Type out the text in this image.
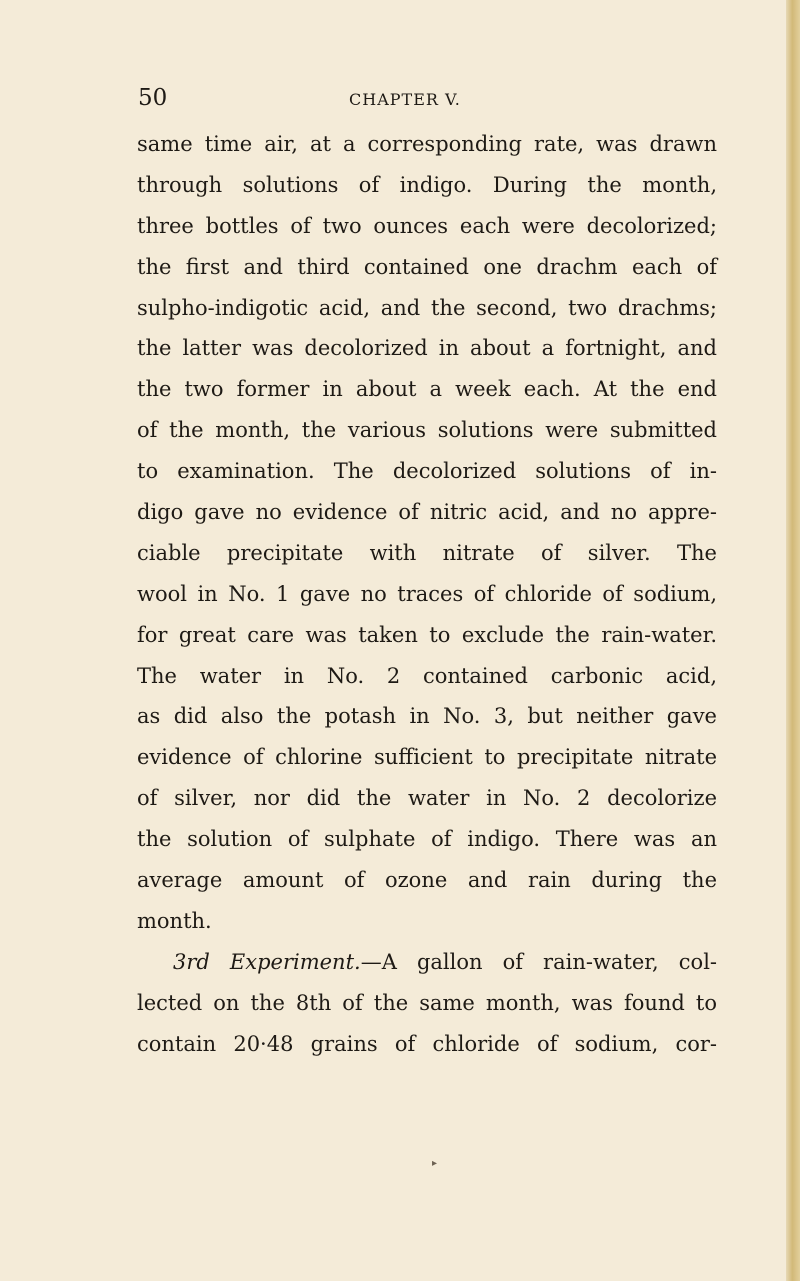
50	CHAPTER V.
same time air, at a corresponding rate, was drawn
through solutions of indigo. During the month,
three bottles of two ounces each were decolorized;
the first and third contained one drachm each of
sulpho-indigotic acid, and the second, two drachms;
the latter was decolorized in about a fortnight, and
the two former in about a week each. At the end
of the month, the various solutions were submitted
to examination. The decolorized solutions of in-
digo gave no evidence of nitric acid, and no appre-
ciable precipitate with nitrate of silver. The
wool in No. 1 gave no traces of chloride of sodium,
for great care was taken to exclude the rain-water.
The water in No. 2 contained carbonic acid,
as did also the potash in No. 3, but neither gave
evidence of chlorine sufficient to precipitate nitrate
of silver, nor did the water in No. 2 decolorize
the solution of sulphate of indigo. There was an
average amount of ozone and rain during the
month.
3rd Experiment.—A gallon of rain-water, col-
lected on the 8th of the same month, was found to
contain 20·48 grains of chloride of sodium, cor-
▸
